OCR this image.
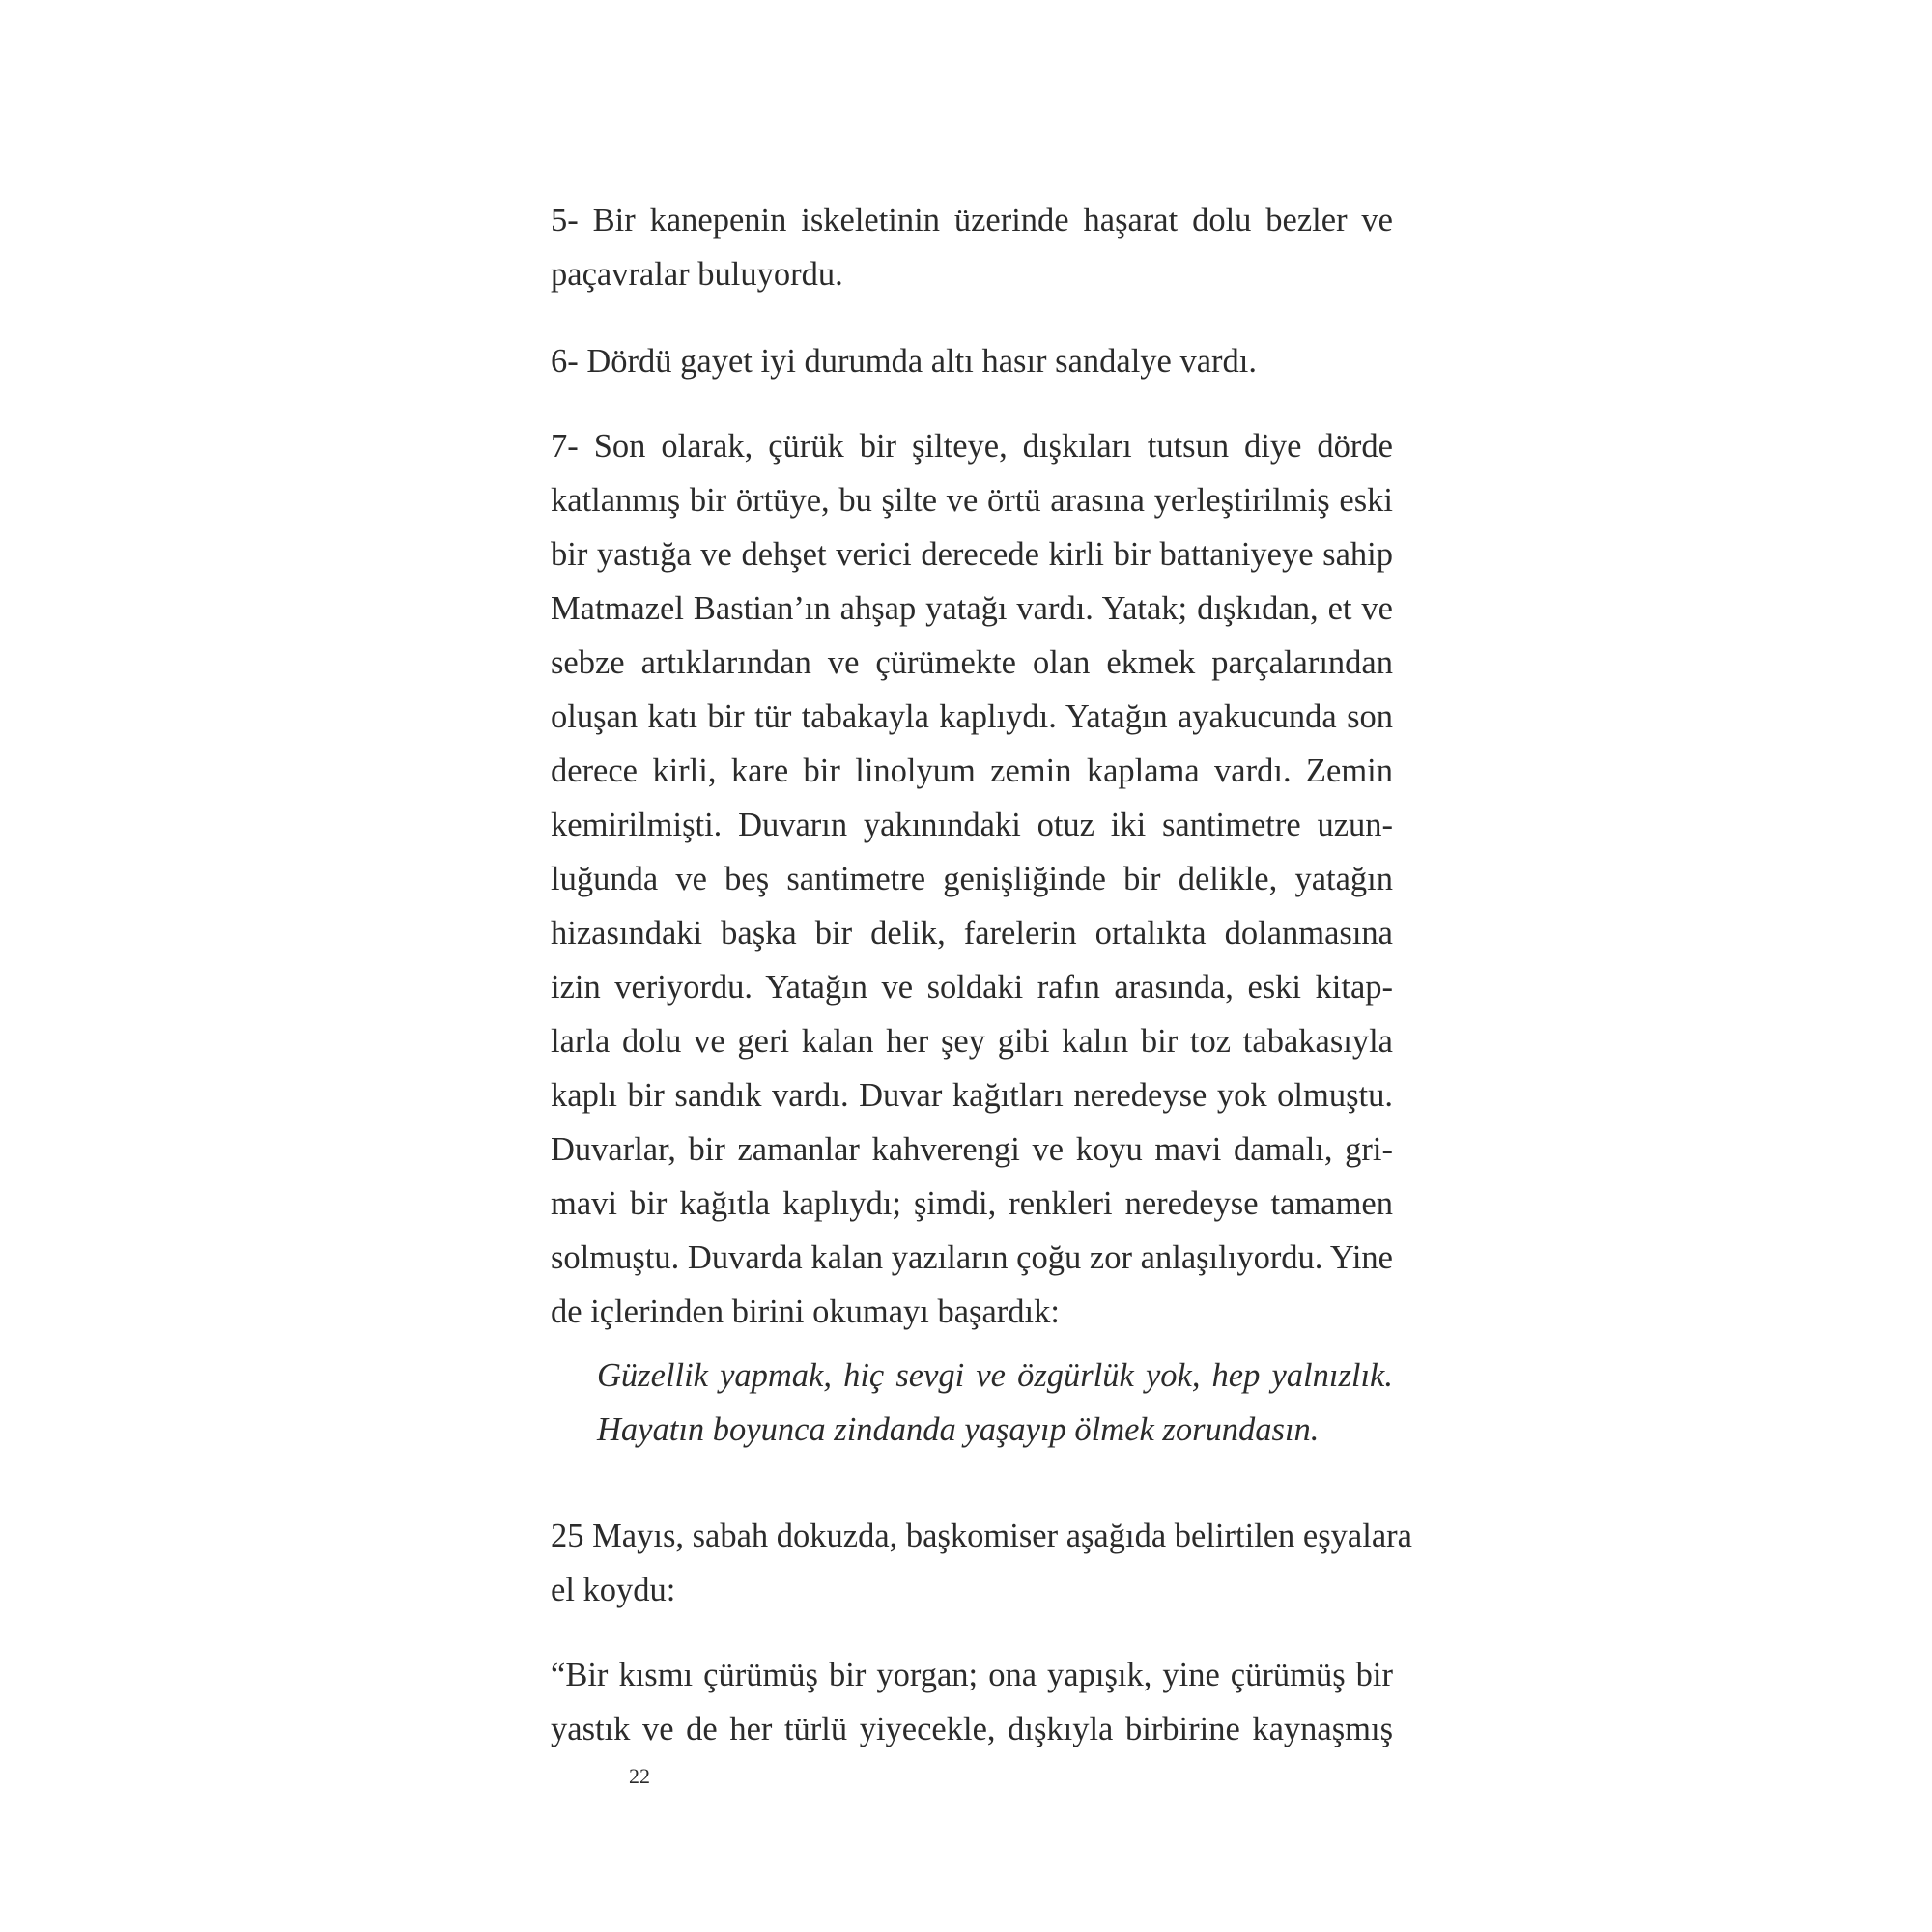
5- Bir kanepenin iskeletinin üzerinde haşarat dolu bezler ve
paçavralar buluyordu.
6- Dördü gayet iyi durumda altı hasır sandalye vardı.
7- Son olarak, çürük bir şilteye, dışkıları tutsun diye dörde
katlanmış bir örtüye, bu şilte ve örtü arasına yerleştirilmiş eski
bir yastığa ve dehşet verici derecede kirli bir battaniyeye sahip
Matmazel Bastian’ın ahşap yatağı vardı. Yatak; dışkıdan, et ve
sebze artıklarından ve çürümekte olan ekmek parçalarından
oluşan katı bir tür tabakayla kaplıydı. Yatağın ayakucunda son
derece kirli, kare bir linolyum zemin kaplama vardı. Zemin
kemirilmişti. Duvarın yakınındaki otuz iki santimetre uzun-
luğunda ve beş santimetre genişliğinde bir delikle, yatağın
hizasındaki başka bir delik, farelerin ortalıkta dolanmasına
izin veriyordu. Yatağın ve soldaki rafın arasında, eski kitap-
larla dolu ve geri kalan her şey gibi kalın bir toz tabakasıyla
kaplı bir sandık vardı. Duvar kağıtları neredeyse yok olmuştu.
Duvarlar, bir zamanlar kahverengi ve koyu mavi damalı, gri-
mavi bir kağıtla kaplıydı; şimdi, renkleri neredeyse tamamen
solmuştu. Duvarda kalan yazıların çoğu zor anlaşılıyordu. Yine
de içlerinden birini okumayı başardık:
Güzellik yapmak, hiç sevgi ve özgürlük yok, hep yalnızlık.
Hayatın boyunca zindanda yaşayıp ölmek zorundasın.
25 Mayıs, sabah dokuzda, başkomiser aşağıda belirtilen eşyalara
el koydu:
“Bir kısmı çürümüş bir yorgan; ona yapışık, yine çürümüş bir
yastık ve de her türlü yiyecekle, dışkıyla birbirine kaynaşmış
22
